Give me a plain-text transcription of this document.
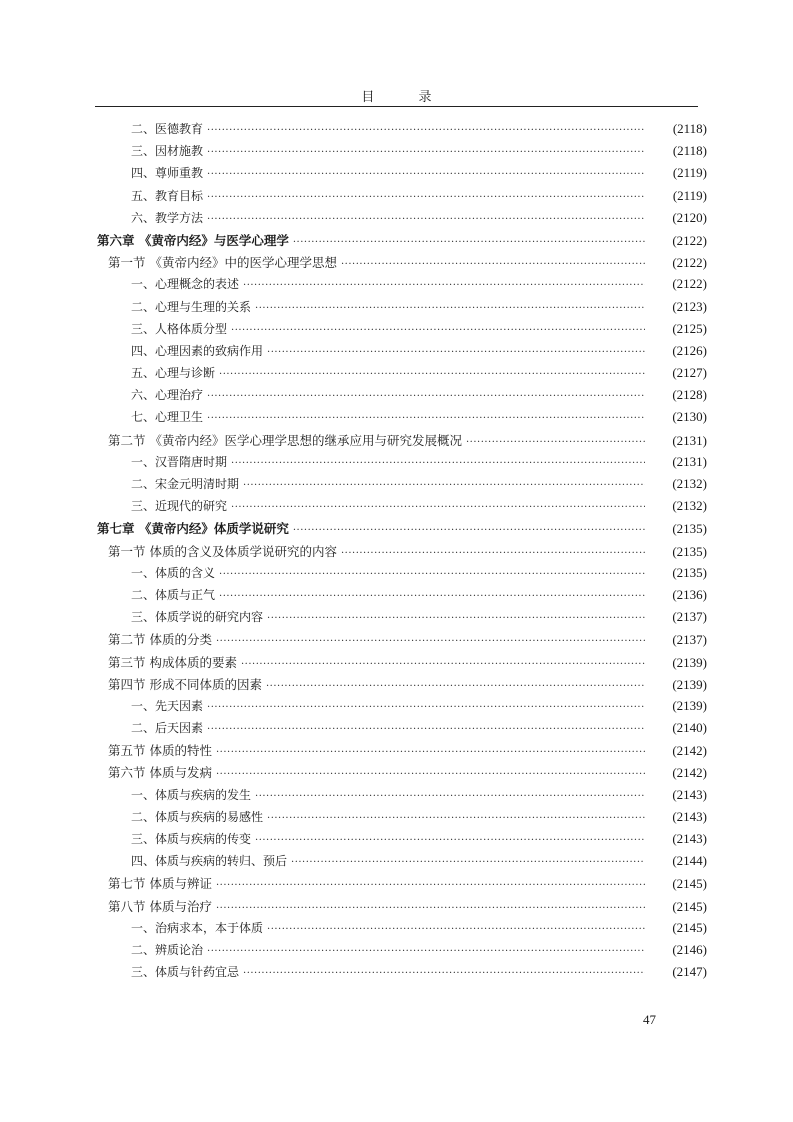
目 录
二、医德教育 ·····	(2118)
三、因材施教 ·····	(2118)
四、尊师重教 ·····	(2119)
五、教育目标 ·····	(2119)
六、教学方法 ·····	(2120)
第六章 《黄帝内经》与医学心理学 ·····	(2122)
第一节 《黄帝内经》中的医学心理学思想 ·····	(2122)
一、心理概念的表述 ·····	(2122)
二、心理与生理的关系 ·····	(2123)
三、人格体质分型 ·····	(2125)
四、心理因素的致病作用 ·····	(2126)
五、心理与诊断 ·····	(2127)
六、心理治疗 ·····	(2128)
七、心理卫生 ·····	(2130)
第二节 《黄帝内经》医学心理学思想的继承应用与研究发展概况 ·····	(2131)
一、汉晋隋唐时期 ·····	(2131)
二、宋金元明清时期 ·····	(2132)
三、近现代的研究 ·····	(2132)
第七章 《黄帝内经》体质学说研究 ·····	(2135)
第一节 体质的含义及体质学说研究的内容 ·····	(2135)
一、体质的含义 ·····	(2135)
二、体质与正气 ·····	(2136)
三、体质学说的研究内容 ·····	(2137)
第二节 体质的分类 ·····	(2137)
第三节 构成体质的要素 ·····	(2139)
第四节 形成不同体质的因素 ·····	(2139)
一、先天因素 ·····	(2139)
二、后天因素 ·····	(2140)
第五节 体质的特性 ·····	(2142)
第六节 体质与发病 ·····	(2142)
一、体质与疾病的发生 ·····	(2143)
二、体质与疾病的易感性 ·····	(2143)
三、体质与疾病的传变 ·····	(2143)
四、体质与疾病的转归、预后 ·····	(2144)
第七节 体质与辨证 ·····	(2145)
第八节 体质与治疗 ·····	(2145)
一、治病求本，本于体质 ·····	(2145)
二、辨质论治 ·····	(2146)
三、体质与针药宜忌 ·····	(2147)
47
